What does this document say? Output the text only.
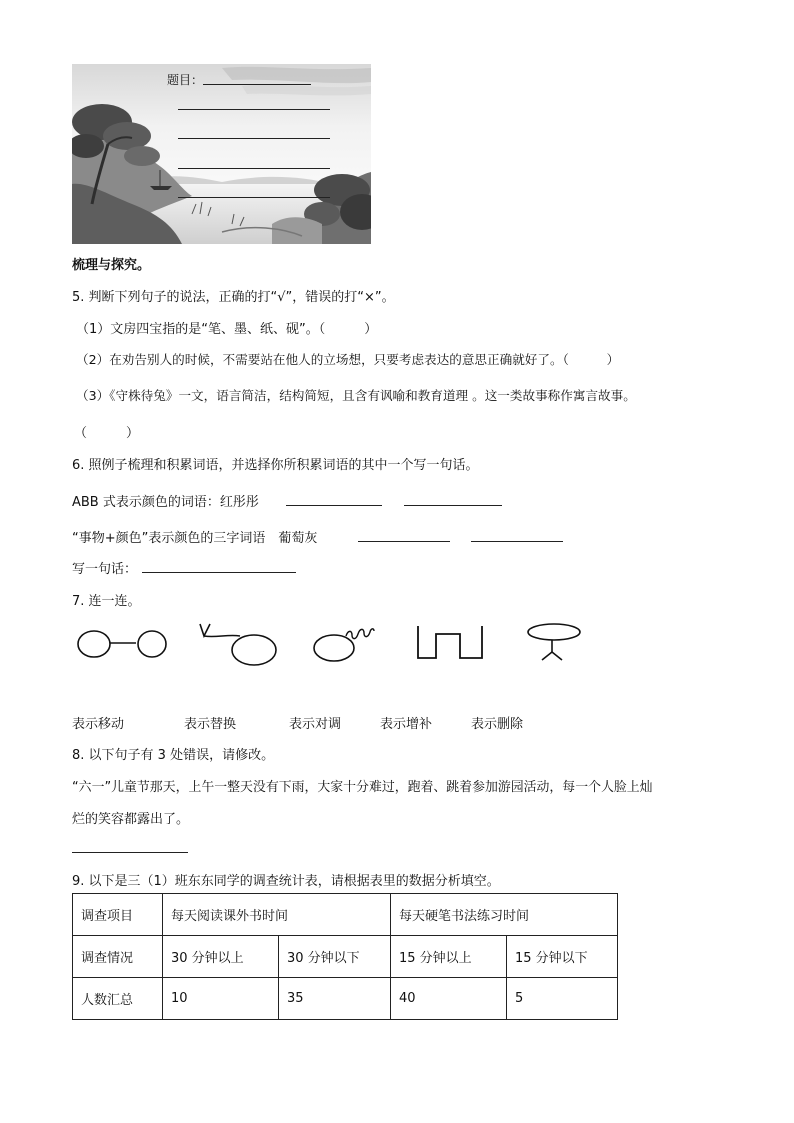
题目：
梳理与探究。
5. 判断下列句子的说法，正确的打“√”，错误的打“×”。
（1）文房四宝指的是“笔、墨、纸、砚”。（　　　）
（2）在劝告别人的时候，不需要站在他人的立场想，只要考虑表达的意思正确就好了。（　　　）
（3）《守株待兔》一文，语言简洁，结构简短，且含有讽喻和教育道理 。这一类故事称作寓言故事。
（　　　）
6. 照例子梳理和积累词语，并选择你所积累词语的其中一个写一句话。
ABB 式表示颜色的词语：红彤彤
“事物+颜色”表示颜色的三字词语　葡萄灰
写一句话：
7. 连一连。
表示移动	表示替换	表示对调	表示增补	表示删除
8. 以下句子有 3 处错误，请修改。
“六一”儿童节那天，上午一整天没有下雨，大家十分难过，跑着、跳着参加游园活动，每一个人脸上灿
烂的笑容都露出了。
9. 以下是三（1）班东东同学的调查统计表，请根据表里的数据分析填空。
调查项目	每天阅读课外书时间		每天硬笔书法练习时间	
调查情况	30 分钟以上	30 分钟以下	15 分钟以上	15 分钟以下
人数汇总	10	35	40	5
